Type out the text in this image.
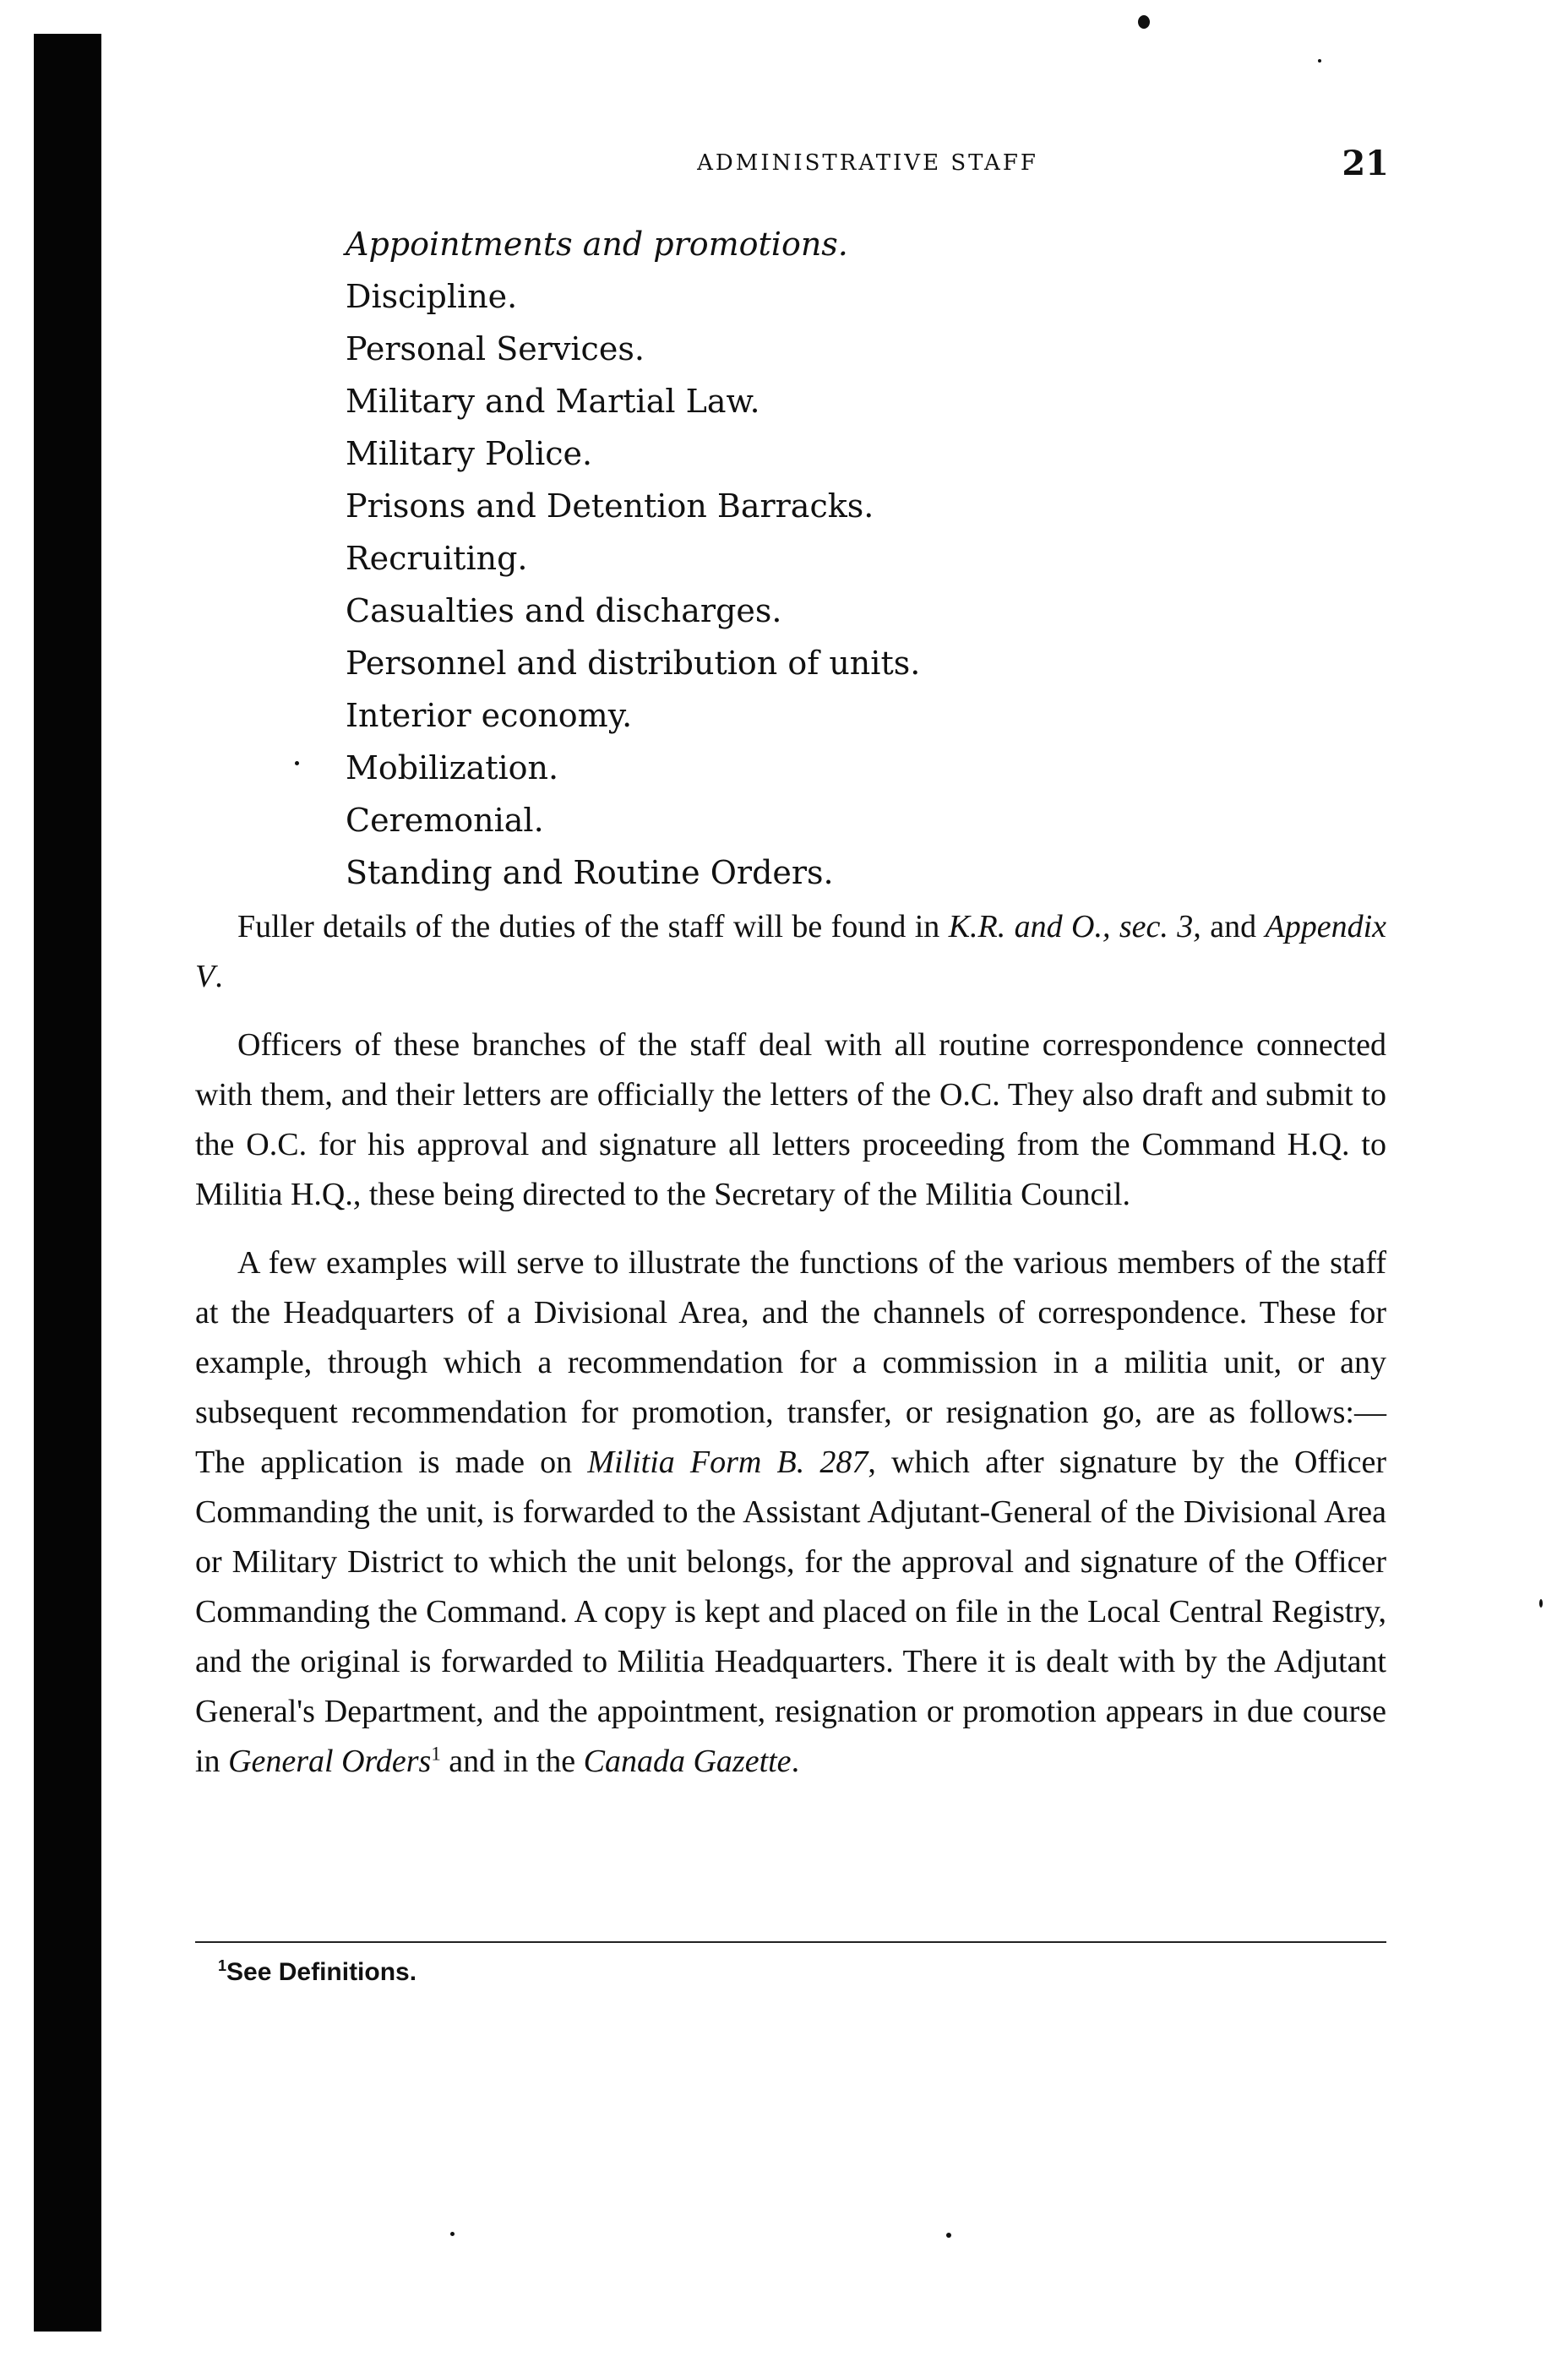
ADMINISTRATIVE STAFF	21
Appointments and promotions.
Discipline.
Personal Services.
Military and Martial Law.
Military Police.
Prisons and Detention Barracks.
Recruiting.
Casualties and discharges.
Personnel and distribution of units.
Interior economy.
Mobilization.
Ceremonial.
Standing and Routine Orders.

Fuller details of the duties of the staff will be found in K.R. and O., sec. 3, and Appendix V.

Officers of these branches of the staff deal with all routine correspondence connected with them, and their letters are officially the letters of the O.C. They also draft and submit to the O.C. for his approval and signature all letters proceeding from the Command H.Q. to Militia H.Q., these being directed to the Secretary of the Militia Council.

A few examples will serve to illustrate the functions of the various members of the staff at the Headquarters of a Divisional Area, and the channels of correspondence. These for example, through which a recommendation for a commission in a militia unit, or any subsequent recommendation for promotion, transfer, or resignation go, are as follows:— The application is made on Militia Form B. 287, which after signature by the Officer Commanding the unit, is forwarded to the Assistant Adjutant-General of the Divisional Area or Military District to which the unit belongs, for the approval and signature of the Officer Commanding the Command. A copy is kept and placed on file in the Local Central Registry, and the original is forwarded to Militia Headquarters. There it is dealt with by the Adjutant General's Department, and the appointment, resignation or promotion appears in due course in General Orders$^1$ and in the Canada Gazette.

$^1$See Definitions.
